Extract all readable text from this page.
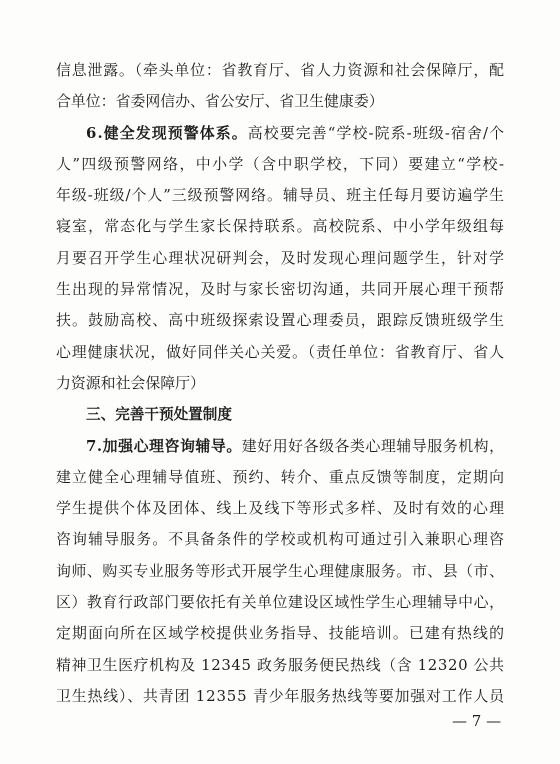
信息泄露。（牵头单位：省教育厅、省人力资源和社会保障厅，配
合单位：省委网信办、省公安厅、省卫生健康委）
6.健全发现预警体系。高校要完善“学校-院系-班级-宿舍/个
人”四级预警网络，中小学（含中职学校，下同）要建立“学校-
年级-班级/个人”三级预警网络。辅导员、班主任每月要访遍学生
寝室，常态化与学生家长保持联系。高校院系、中小学年级组每
月要召开学生心理状况研判会，及时发现心理问题学生，针对学
生出现的异常情况，及时与家长密切沟通，共同开展心理干预帮
扶。鼓励高校、高中班级探索设置心理委员，跟踪反馈班级学生
心理健康状况，做好同伴关心关爱。（责任单位：省教育厅、省人
力资源和社会保障厅）
三、完善干预处置制度
7.加强心理咨询辅导。建好用好各级各类心理辅导服务机构，
建立健全心理辅导值班、预约、转介、重点反馈等制度，定期向
学生提供个体及团体、线上及线下等形式多样、及时有效的心理
咨询辅导服务。不具备条件的学校或机构可通过引入兼职心理咨
询师、购买专业服务等形式开展学生心理健康服务。市、县（市、
区）教育行政部门要依托有关单位建设区域性学生心理辅导中心，
定期面向所在区域学校提供业务指导、技能培训。已建有热线的
精神卫生医疗机构及 12345 政务服务便民热线（含 12320 公共
卫生热线）、共青团 12355 青少年服务热线等要加强对工作人员
— 7 —
